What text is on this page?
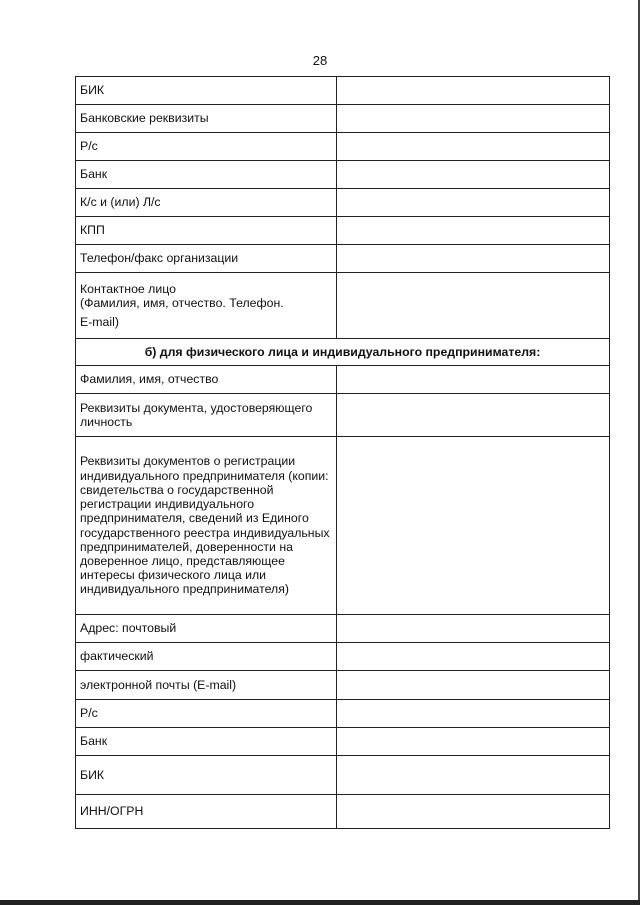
28
БИК	
Банковские реквизиты	
Р/с	
Банк	
К/с и (или) Л/с	
КПП	
Телефон/факс организации	

Контактное лицо
(Фамилия, имя, отчество. Телефон.
E-mail)	

б) для физического лица и индивидуального предпринимателя:	
Фамилия, имя, отчество	
Реквизиты документа, удостоверяющего личность	
Реквизиты документов о регистрации индивидуального предпринимателя (копии: свидетельства о государственной регистрации индивидуального предпринимателя, сведений из Единого государственного реестра индивидуальных предпринимателей, доверенности на доверенное лицо, представляющее интересы физического лица или индивидуального предпринимателя)	
Адрес: почтовый	
фактический	
электронной почты (E-mail)	
Р/с	
Банк	
БИК	
ИНН/ОГРН	
